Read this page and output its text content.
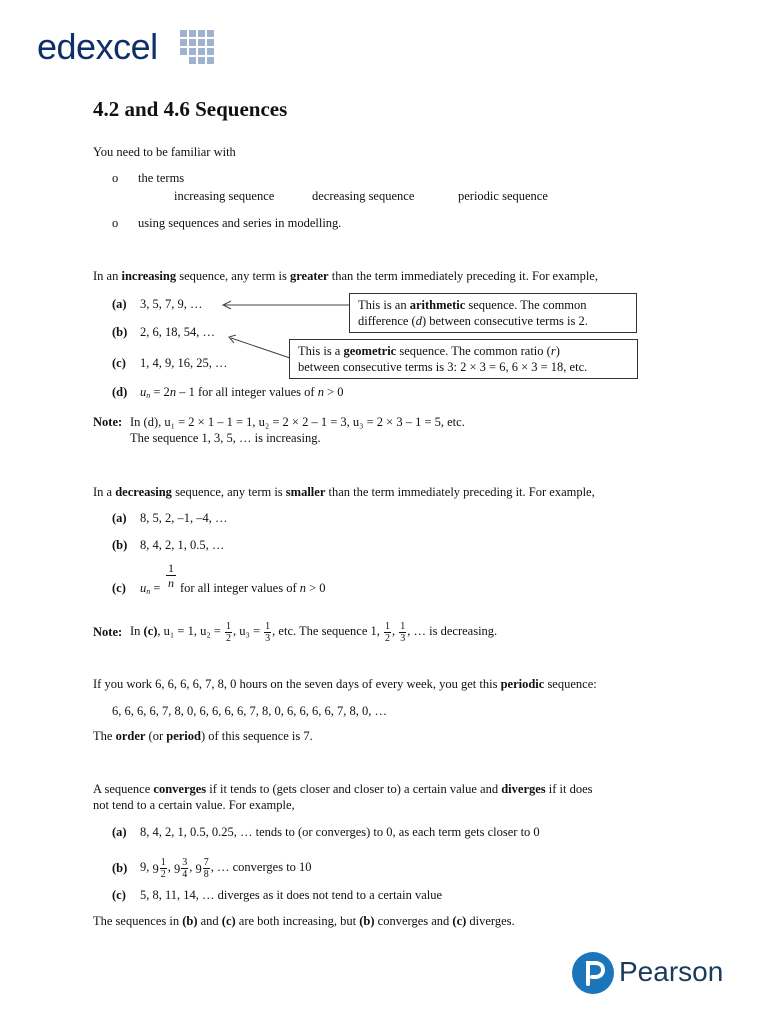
edexcel
4.2 and 4.6 Sequences
You need to be familiar with
o the terms
increasing sequence	decreasing sequence	periodic sequence
o using sequences and series in modelling.
In an increasing sequence, any term is greater than the term immediately preceding it. For example,
(a) 3, 5, 7, 9, …
(b) 2, 6, 18, 54, …
(c) 1, 4, 9, 16, 25, …
(d) $u_n = 2n - 1$ for all integer values of n > 0
This is an arithmetic sequence. The common
difference (d) between consecutive terms is 2.
This is a geometric sequence. The common ratio (r)
between consecutive terms is 3: 2 × 3 = 6, 6 × 3 = 18, etc.
Note: In (d), u₁ = 2 × 1 – 1 = 1, u₂ = 2 × 2 – 1 = 3, u₃ = 2 × 3 – 1 = 5, etc.
The sequence 1, 3, 5, … is increasing.
In a decreasing sequence, any term is smaller than the term immediately preceding it. For example,
(a) 8, 5, 2, –1, –4, …
(b) 8, 4, 2, 1, 0.5, …
(c) $u_n = \frac{1}{n}$ for all integer values of n > 0
Note: In (c), u₁ = 1, $u_2 = \frac{1}{2}$ , $u_3 = \frac{1}{3}$ , etc. The sequence 1, $\frac{1}{2}$ , $\frac{1}{3}$ , … is decreasing.
If you work 6, 6, 6, 6, 7, 8, 0 hours on the seven days of every week, you get this periodic sequence:
6, 6, 6, 6, 7, 8, 0, 6, 6, 6, 6, 7, 8, 0, 6, 6, 6, 6, 7, 8, 0, …
The order (or period) of this sequence is 7.
A sequence converges if it tends to (gets closer and closer to) a certain value and diverges if it does
not tend to a certain value. For example,
(a) 8, 4, 2, 1, 0.5, 0.25, … tends to (or converges) to 0, as each term gets closer to 0
(b) 9, $9 \frac{1}{2}$ , $9 \frac{3}{4}$ , $9 \frac{7}{8}$ , … converges to 10
(c) 5, 8, 11, 14, … diverges as it does not tend to a certain value
The sequences in (b) and (c) are both increasing, but (b) converges and (c) diverges.
Pearson
